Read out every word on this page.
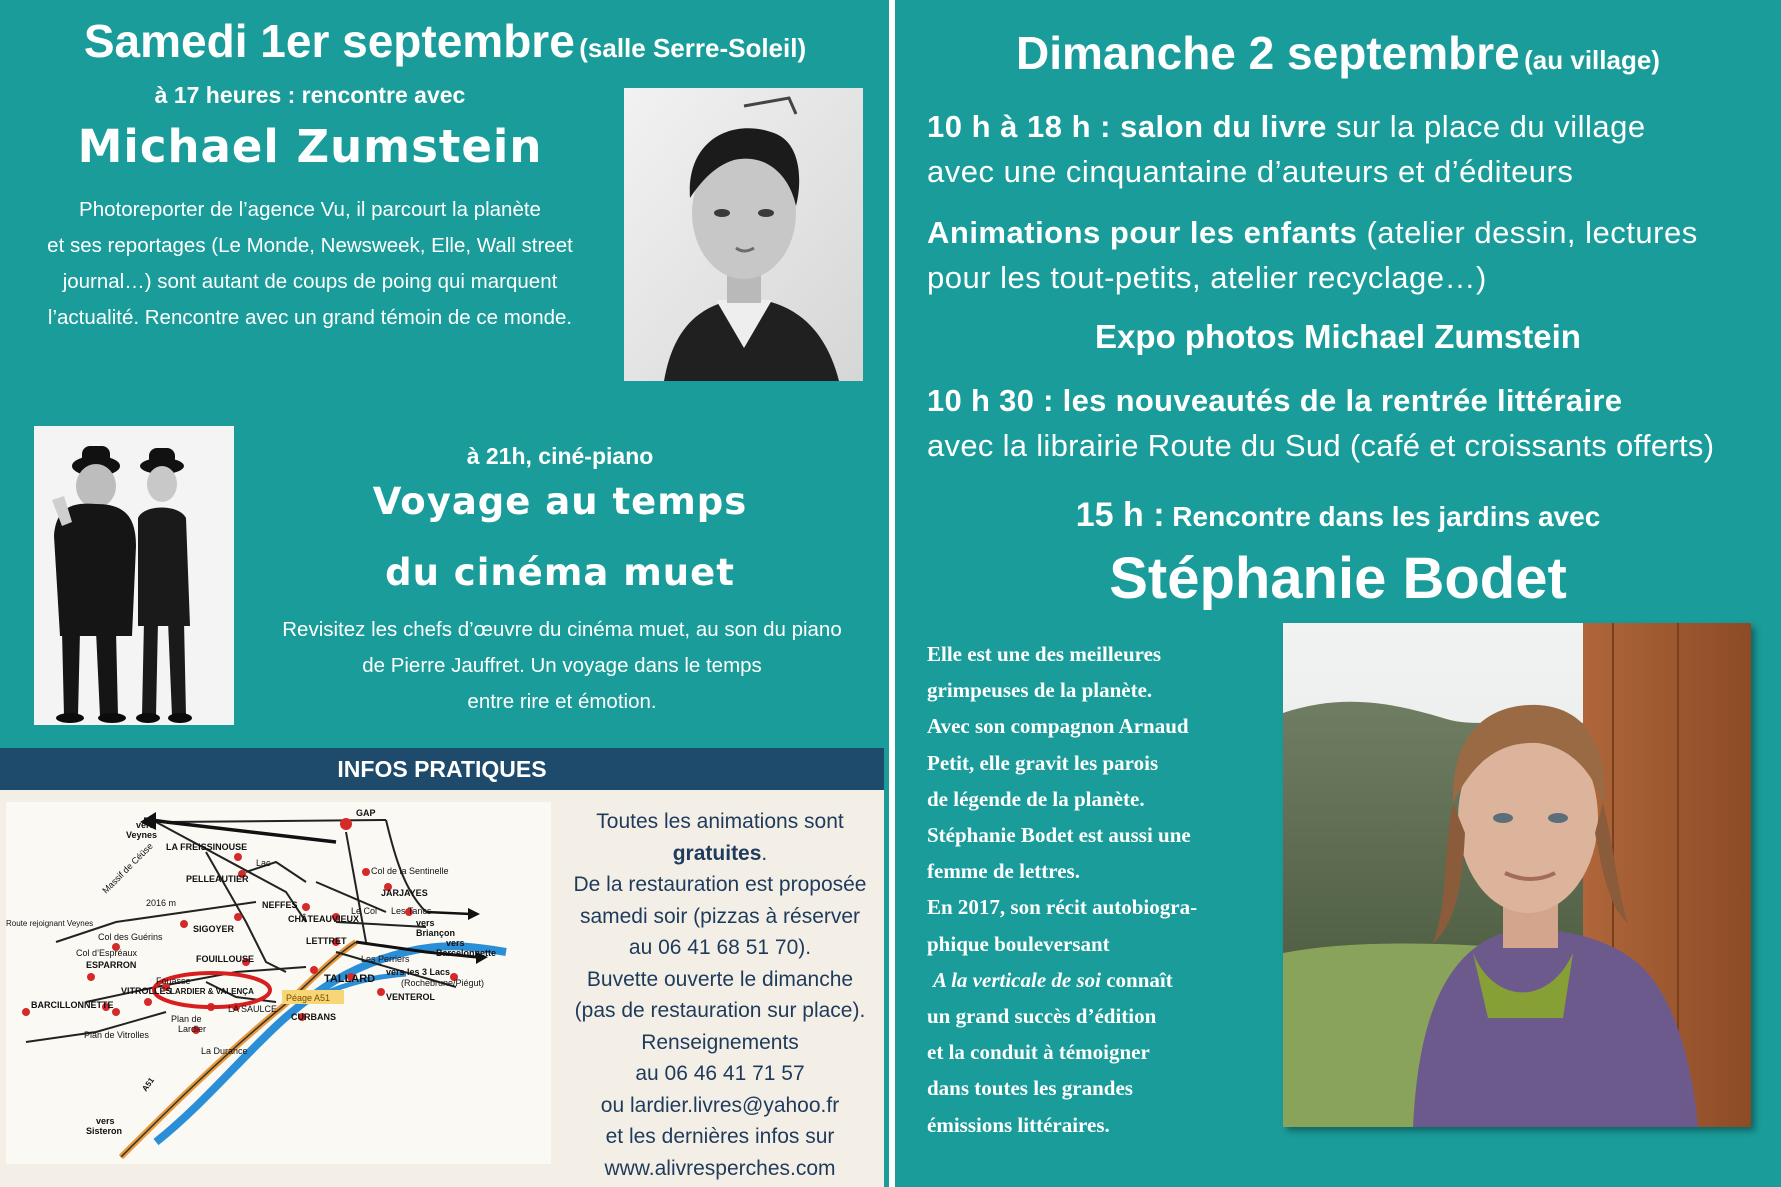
Samedi 1er septembre (salle Serre-Soleil)
à 17 heures : rencontre avec
Michael Zumstein
Photoreporter de l’agence Vu, il parcourt la planète
et ses reportages (Le Monde, Newsweek, Elle, Wall street
journal…) sont autant de coups de poing qui marquent
l’actualité. Rencontre avec un grand témoin de ce monde.
à 21h, ciné-piano
Voyage au temps
du cinéma muet
Revisitez les chefs d’œuvre du cinéma muet, au son du piano
de Pierre Jauffret. Un voyage dans le temps
entre rire et émotion.
INFOS PRATIQUES
vers
Veynes
GAP
LA FREISSINOUSE
Lac
Massif de Céüse
2016 m
PELLEAUTIER
Col de la Sentinelle
JARJAYES
NEFFES
Le Col Les Tancs
CHÂTEAUVIEUX	vers
Briançon
Route rejoignant Veynes
Col des Guérins
SIGOYER
LETTRET
Col d’Espréaux
Les Perriers
vers
Barcelonnette
ESPARRON
FOUILLOUSE
TALLARD
vers les 3 Lacs
(Rochebrune/Piégut)
VITROLLES
Fouasse
LARDIER & VALENÇA
BARCILLONNETTE
Péage A51	VENTEROL
Plan de
Lardier
LA SAULCE
CURBANS
Plan de Vitrolles
La Durance
vers
Sisteron
A51
Toutes les animations sont
gratuites.
De la restauration est proposée
samedi soir (pizzas à réserver
au 06 41 68 51 70).
Buvette ouverte le dimanche
(pas de restauration sur place).
Renseignements
au 06 46 41 71 57
ou lardier.livres@yahoo.fr
et les dernières infos sur
www.alivresperches.com
Dimanche 2 septembre (au village)
10 h à 18 h : salon du livre sur la place du village
avec une cinquantaine d’auteurs et d’éditeurs
Animations pour les enfants (atelier dessin, lectures
pour les tout-petits, atelier recyclage…)
Expo photos Michael Zumstein
10 h 30 : les nouveautés de la rentrée littéraire
avec la librairie Route du Sud (café et croissants offerts)
15 h : Rencontre dans les jardins avec
Stéphanie Bodet
Elle est une des meilleures
grimpeuses de la planète.
Avec son compagnon Arnaud
Petit, elle gravit les parois
de légende de la planète.
Stéphanie Bodet est aussi une
femme de lettres.
En 2017, son récit autobiogra-
phique bouleversant
A la verticale de soi connaît
un grand succès d’édition
et la conduit à témoigner
dans toutes les grandes
émissions littéraires.
